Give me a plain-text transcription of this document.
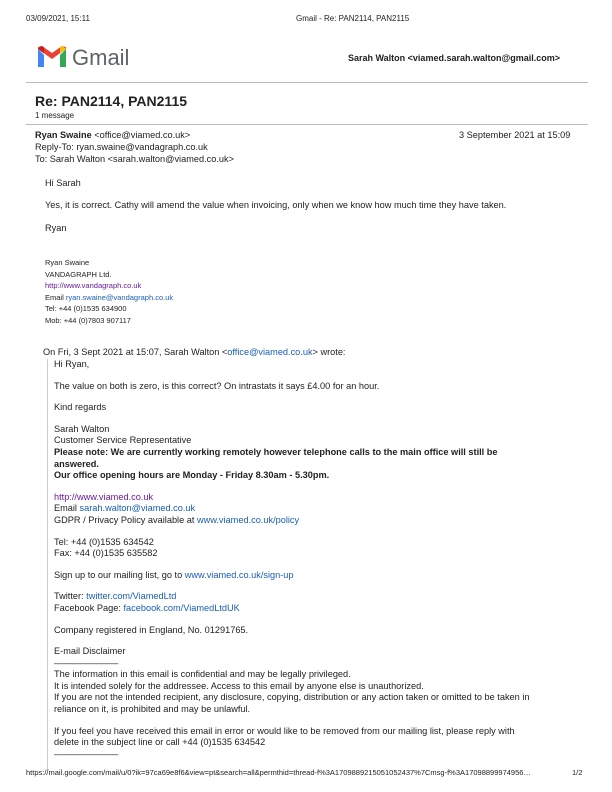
03/09/2021, 15:11	Gmail - Re: PAN2114, PAN2115
Gmail	Sarah Walton <viamed.sarah.walton@gmail.com>
Re: PAN2114, PAN2115
1 message
Ryan Swaine <office@viamed.co.uk>	3 September 2021 at 15:09
Reply-To: ryan.swaine@vandagraph.co.uk
To: Sarah Walton <sarah.walton@viamed.co.uk>
Hi Sarah
Yes, it is correct. Cathy will amend the value when invoicing, only when we know how much time they have taken.
Ryan
Ryan Swaine
VANDAGRAPH Ltd.
http://www.vandagraph.co.uk
Email ryan.swaine@vandagraph.co.uk
Tel: +44 (0)1535 634900
Mob: +44 (0)7803 907117
On Fri, 3 Sept 2021 at 15:07, Sarah Walton <office@viamed.co.uk> wrote:
Hi Ryan,
The value on both is zero, is this correct? On intrastats it says £4.00 for an hour.
Kind regards
Sarah Walton
Customer Service Representative
Please note: We are currently working remotely however telephone calls to the main office will still be
answered.
Our office opening hours are Monday - Friday 8.30am - 5.30pm.
http://www.viamed.co.uk
Email sarah.walton@viamed.co.uk
GDPR / Privacy Policy available at www.viamed.co.uk/policy
Tel: +44 (0)1535 634542
Fax: +44 (0)1535 635582
Sign up to our mailing list, go to www.viamed.co.uk/sign-up
Twitter: twitter.com/ViamedLtd
Facebook Page: facebook.com/ViamedLtdUK
Company registered in England, No. 01291765.
E-mail Disclaimer
———————
The information in this email is confidential and may be legally privileged.
It is intended solely for the addressee. Access to this email by anyone else is unauthorized.
If you are not the intended recipient, any disclosure, copying, distribution or any action taken or omitted to be taken in
reliance on it, is prohibited and may be unlawful.
If you feel you have received this email in error or would like to be removed from our mailing list, please reply with
delete in the subject line or call +44 (0)1535 634542
———————
https://mail.google.com/mail/u/0?ik=97ca69e8f6&view=pt&search=all&permthid=thread-f%3A1709889215051052437%7Cmsg-f%3A17098899974956…	1/2
